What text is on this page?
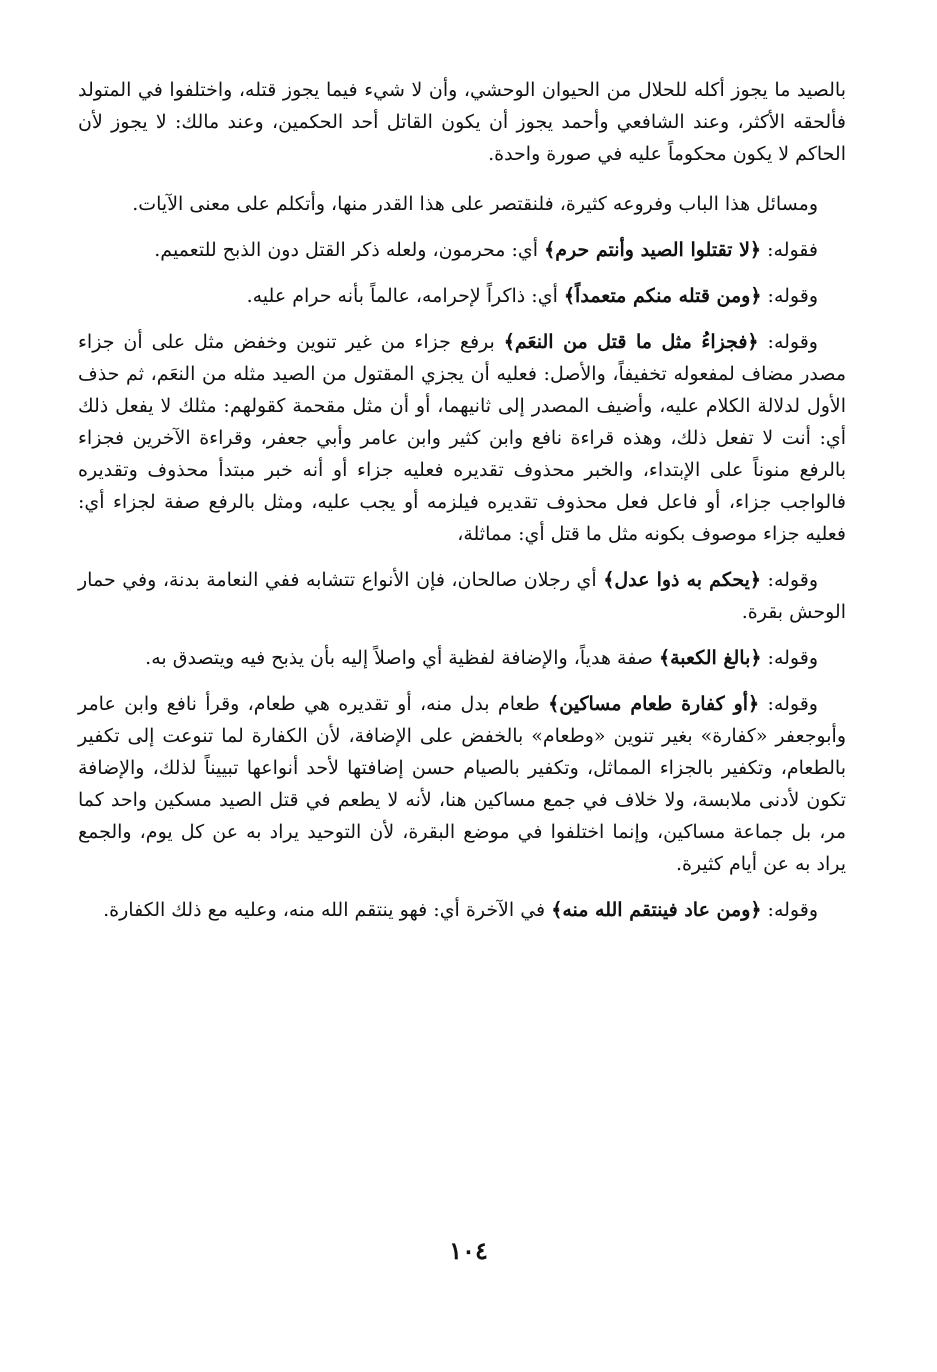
بالصيد ما يجوز أكله للحلال من الحيوان الوحشي، وأن لا شيء فيما يجوز قتله، واختلفوا في المتولد فألحقه الأكثر، وعند الشافعي وأحمد يجوز أن يكون القاتل أحد الحكمين، وعند مالك: لا يجوز لأن الحاكم لا يكون محكوماً عليه في صورة واحدة.

ومسائل هذا الباب وفروعه كثيرة، فلنقتصر على هذا القدر منها، وأتكلم على معنى الآيات.

فقوله: ﴿لا تقتلوا الصيد وأنتم حرم﴾ أي: محرمون، ولعله ذكر القتل دون الذبح للتعميم.

وقوله: ﴿ومن قتله منكم متعمداً﴾ أي: ذاكراً لإحرامه، عالماً بأنه حرام عليه.

وقوله: ﴿فجزاءُ مثل ما قتل من النعَم﴾ برفع جزاء من غير تنوين وخفض مثل على أن جزاء مصدر مضاف لمفعوله تخفيفاً، والأصل: فعليه أن يجزي المقتول من الصيد مثله من النعَم، ثم حذف الأول لدلالة الكلام عليه، وأضيف المصدر إلى ثانيهما، أو أن مثل مقحمة كقولهم: مثلك لا يفعل ذلك أي: أنت لا تفعل ذلك، وهذه قراءة نافع وابن كثير وابن عامر وأبي جعفر، وقراءة الآخرين فجزاء بالرفع منوناً على الإبتداء، والخبر محذوف تقديره فعليه جزاء أو أنه خبر مبتدأ محذوف وتقديره فالواجب جزاء، أو فاعل فعل محذوف تقديره فيلزمه أو يجب عليه، ومثل بالرفع صفة لجزاء أي: فعليه جزاء موصوف بكونه مثل ما قتل أي: مماثلة،

وقوله: ﴿يحكم به ذوا عدل﴾ أي رجلان صالحان، فإن الأنواع تتشابه ففي النعامة بدنة، وفي حمار الوحش بقرة.

وقوله: ﴿بالغ الكعبة﴾ صفة هدياً، والإضافة لفظية أي واصلاً إليه بأن يذبح فيه ويتصدق به.

وقوله: ﴿أو كفارة طعام مساكين﴾ طعام بدل منه، أو تقديره هي طعام، وقرأ نافع وابن عامر وأبوجعفر «كفارة» بغير تنوين «وطعام» بالخفض على الإضافة، لأن الكفارة لما تنوعت إلى تكفير بالطعام، وتكفير بالجزاء المماثل، وتكفير بالصيام حسن إضافتها لأحد أنواعها تبييناً لذلك، والإضافة تكون لأدنى ملابسة، ولا خلاف في جمع مساكين هنا، لأنه لا يطعم في قتل الصيد مسكين واحد كما مر، بل جماعة مساكين، وإنما اختلفوا في موضع البقرة، لأن التوحيد يراد به عن كل يوم، والجمع يراد به عن أيام كثيرة.

وقوله: ﴿ومن عاد فينتقم الله منه﴾ في الآخرة أي: فهو ينتقم الله منه، وعليه مع ذلك الكفارة.

١٠٤
